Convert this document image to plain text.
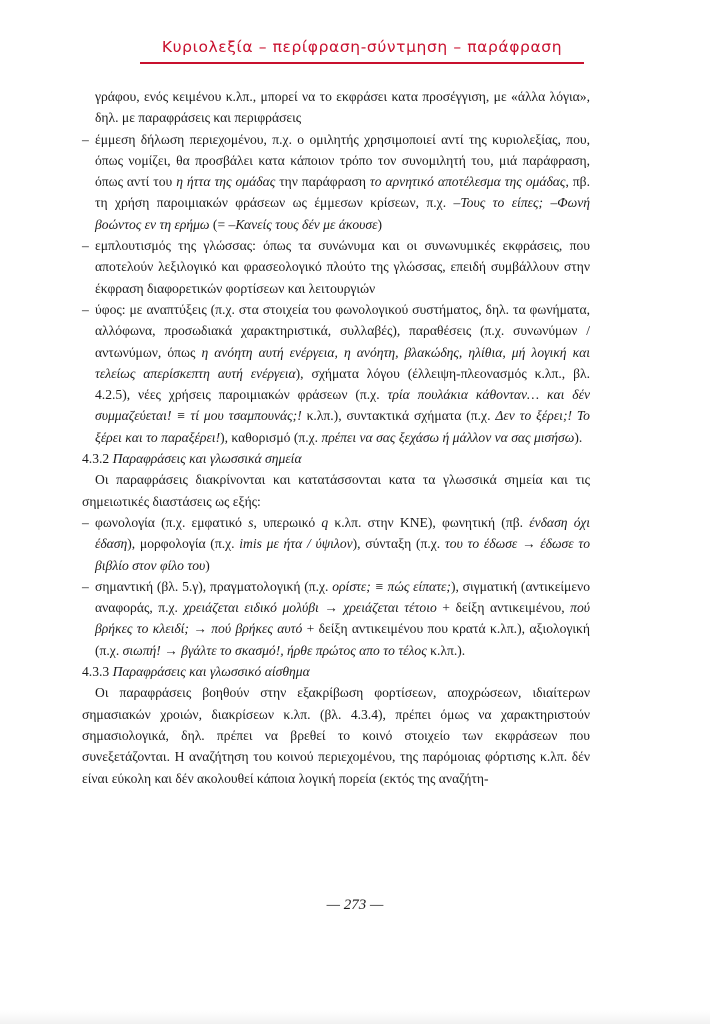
Κυριολεξία – περίφραση-σύντμηση – παράφραση

γράφου, ενός κειμένου κ.λπ., μπορεί να το εκφράσει κατα προσέγγιση, με «άλλα λόγια», δηλ. με παραφράσεις και περιφράσεις

– έμμεση δήλωση περιεχομένου, π.χ. ο ομιλητής χρησιμοποιεί αντί της κυριολεξίας, που, όπως νομίζει, θα προσβάλει κατα κάποιον τρόπο τον συνομιλητή του, μιά παράφραση, όπως αντί του η ήττα της ομάδας την παράφραση το αρνητικό αποτέλεσμα της ομάδας, πβ. τη χρήση παροιμιακών φράσεων ως έμμεσων κρίσεων, π.χ. –Τους το είπες; –Φωνή βοώντος εν τη ερήμω (= –Κανείς τους δέν με άκουσε)
– εμπλουτισμός της γλώσσας: όπως τα συνώνυμα και οι συνωνυμικές εκφράσεις, που αποτελούν λεξιλογικό και φρασεολογικό πλούτο της γλώσσας, επειδή συμβάλλουν στην έκφραση διαφορετικών φορτίσεων και λειτουργιών
– ύφος: με αναπτύξεις (π.χ. στα στοιχεία του φωνολογικού συστήματος, δηλ. τα φωνήματα, αλλόφωνα, προσωδιακά χαρακτηριστικά, συλλαβές), παραθέσεις (π.χ. συνωνύμων / αντωνύμων, όπως η ανόητη αυτή ενέργεια, η ανόητη, βλακώδης, ηλίθια, μή λογική και τελείως απερίσκεπτη αυτή ενέργεια), σχήματα λόγου (έλλειψη-πλεονασμός κ.λπ., βλ. 4.2.5), νέες χρήσεις παροιμιακών φράσεων (π.χ. τρία πουλάκια κάθονταν… και δέν συμμαζεύεται! ≡ τί μου τσαμπουνάς;! κ.λπ.), συντακτικά σχήματα (π.χ. Δεν το ξέρει;! Το ξέρει και το παραξέρει!), καθορισμό (π.χ. πρέπει να σας ξεχάσω ή μάλλον να σας μισήσω).

4.3.2 Παραφράσεις και γλωσσικά σημεία

Οι παραφράσεις διακρίνονται και κατατάσσονται κατα τα γλωσσικά σημεία και τις σημειωτικές διαστάσεις ως εξής:

– φωνολογία (π.χ. εμφατικό s, υπερωικό q κ.λπ. στην ΚΝΕ), φωνητική (πβ. ένδαση όχι έδαση), μορφολογία (π.χ. imis με ήτα / ύψιλον), σύνταξη (π.χ. του το έδωσε → έδωσε το βιβλίο στον φίλο του)
– σημαντική (βλ. 5.γ), πραγματολογική (π.χ. ορίστε; ≡ πώς είπατε;), σιγματική (αντικείμενο αναφοράς, π.χ. χρειάζεται ειδικό μολύβι → χρειάζεται τέτοιο + δείξη αντικειμένου, πού βρήκες το κλειδί; → πού βρήκες αυτό + δείξη αντικειμένου που κρατά κ.λπ.), αξιολογική (π.χ. σιωπή! → βγάλτε το σκασμό!, ήρθε πρώτος απο το τέλος κ.λπ.).

4.3.3 Παραφράσεις και γλωσσικό αίσθημα

Οι παραφράσεις βοηθούν στην εξακρίβωση φορτίσεων, αποχρώσεων, ιδιαίτερων σημασιακών χροιών, διακρίσεων κ.λπ. (βλ. 4.3.4), πρέπει όμως να χαρακτηριστούν σημασιολογικά, δηλ. πρέπει να βρεθεί το κοινό στοιχείο των εκφράσεων που συνεξετάζονται. Η αναζήτηση του κοινού περιεχομένου, της παρόμοιας φόρτισης κ.λπ. δέν είναι εύκολη και δέν ακολουθεί κάποια λογική πορεία (εκτός της αναζήτη-

— 273 —
